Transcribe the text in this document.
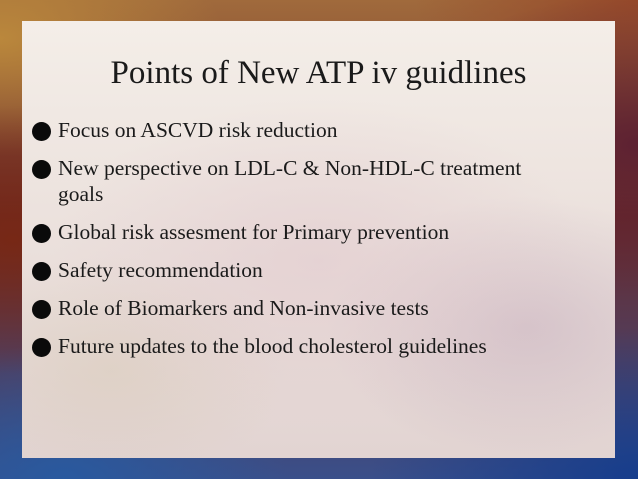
Points of New ATP iv guidlines
Focus on ASCVD risk reduction
New perspective on LDL-C & Non-HDL-C treatment goals
Global risk assesment for Primary prevention
Safety recommendation
Role of Biomarkers and Non-invasive tests
Future updates to the blood cholesterol guidelines
